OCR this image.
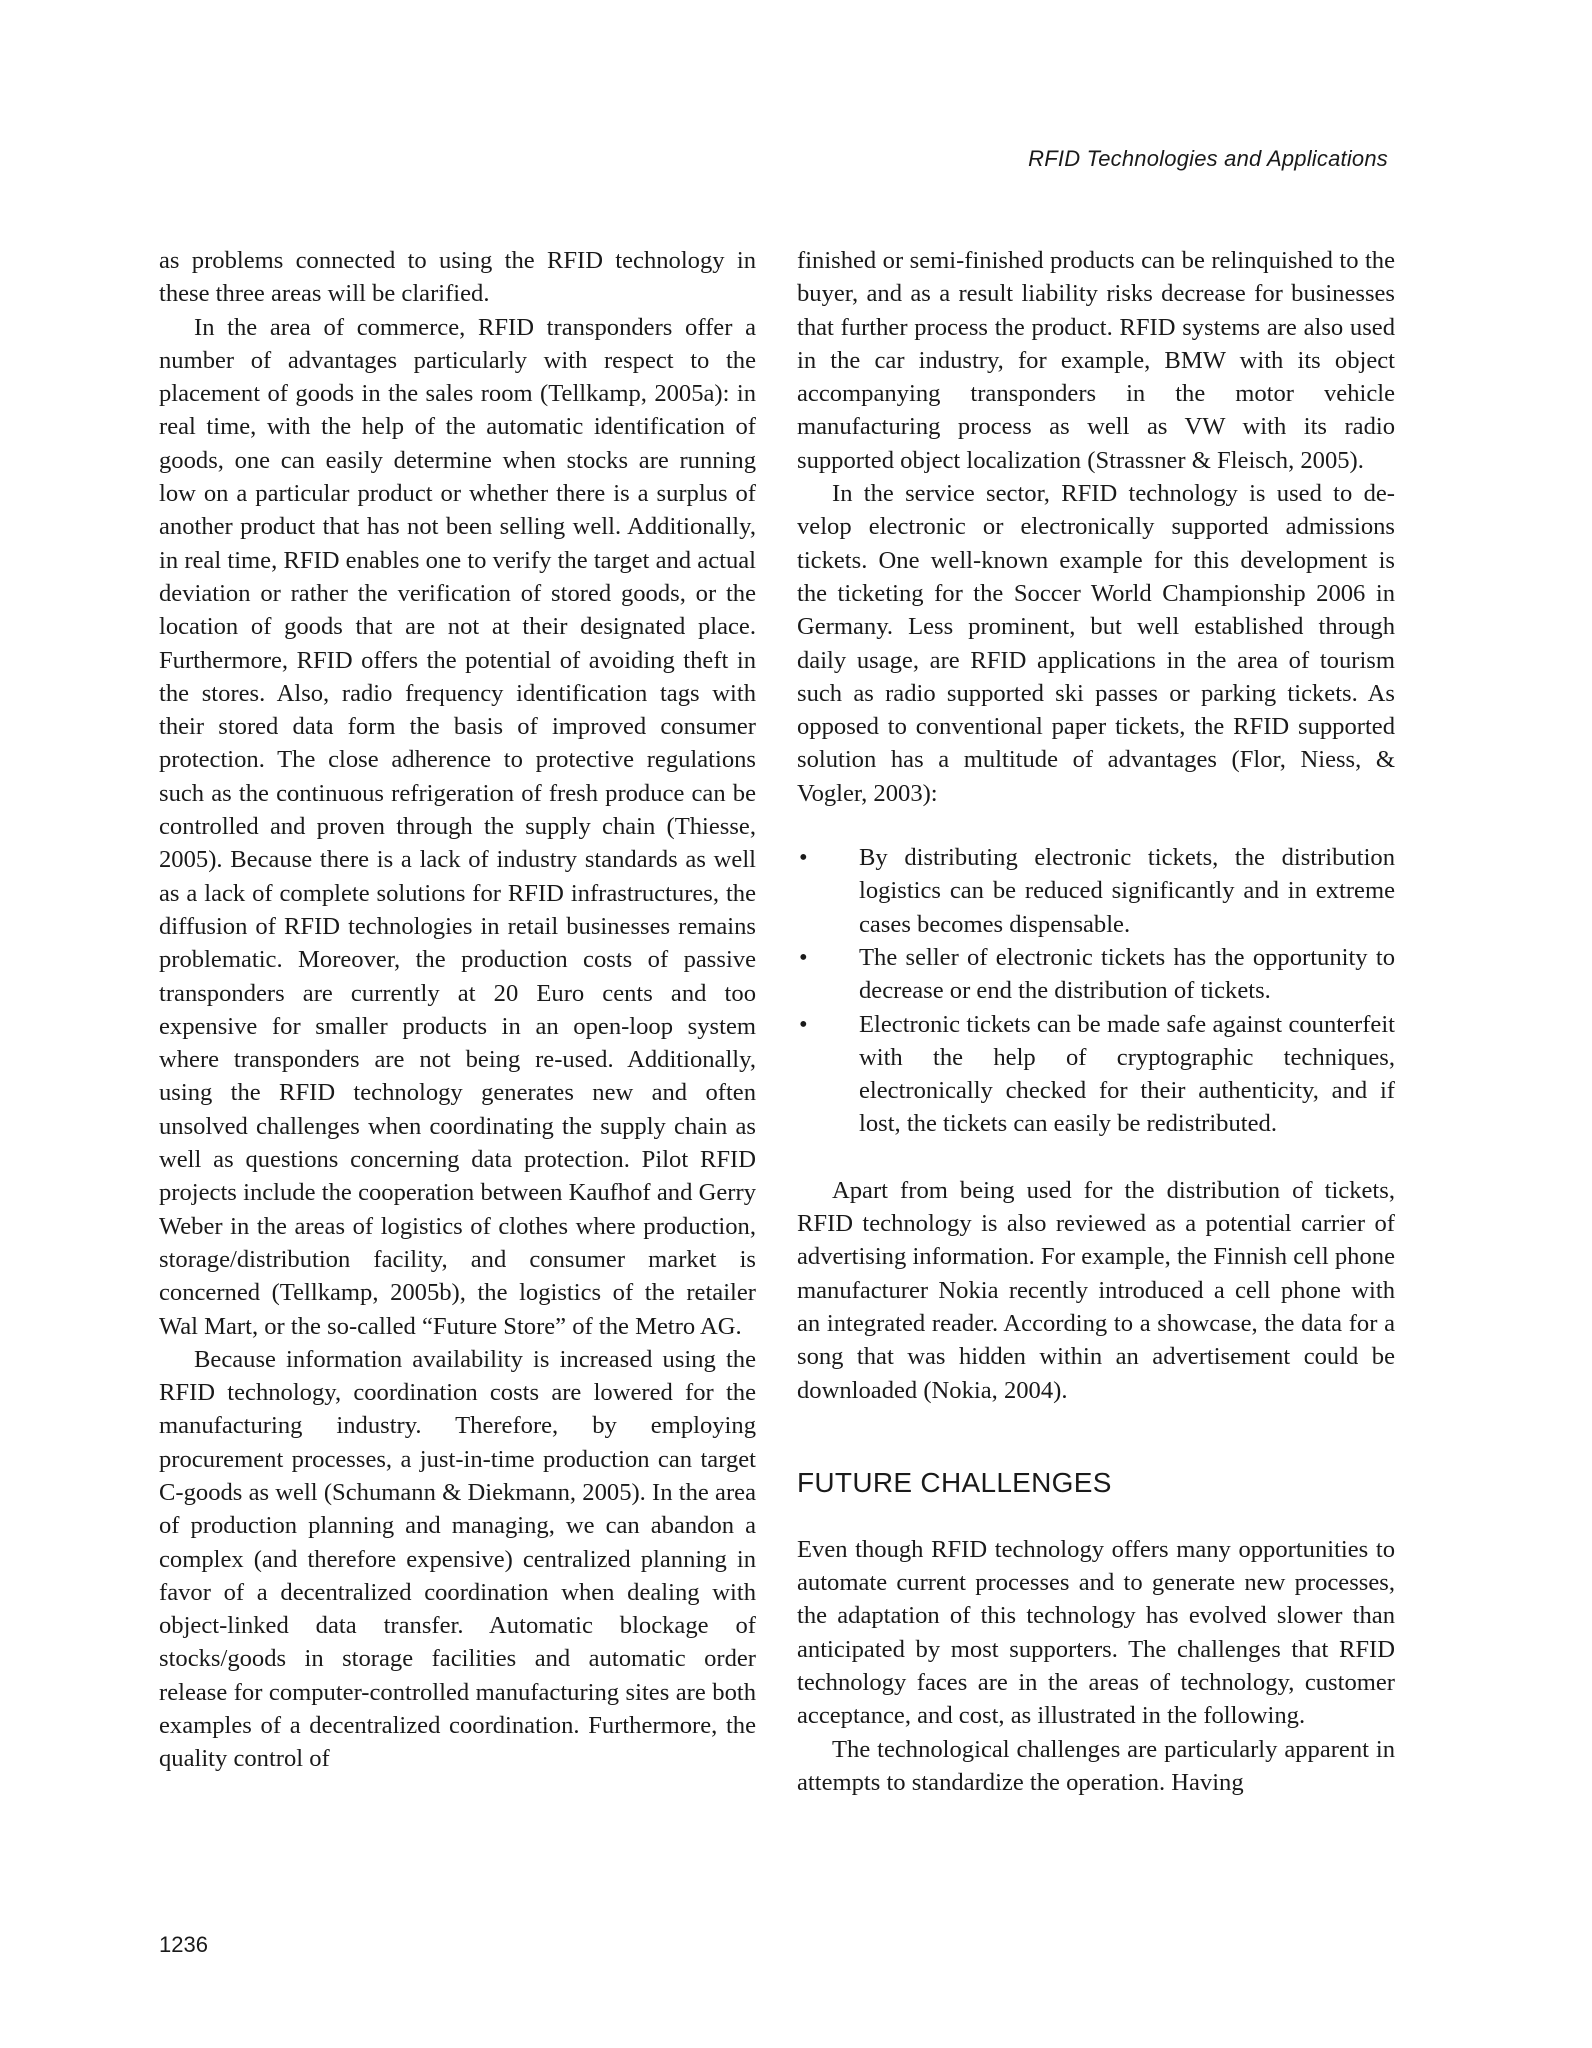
RFID Technologies and Applications

as problems connected to using the RFID technology in these three areas will be clarified.

In the area of commerce, RFID transponders offer a number of advantages particularly with respect to the placement of goods in the sales room (Tellkamp, 2005a): in real time, with the help of the automatic identification of goods, one can easily determine when stocks are running low on a particular product or whether there is a surplus of another product that has not been selling well. Additionally, in real time, RFID enables one to verify the target and actual deviation or rather the verification of stored goods, or the location of goods that are not at their designated place. Furthermore, RFID offers the potential of avoiding theft in the stores. Also, radio frequency identification tags with their stored data form the basis of improved consumer protection. The close adherence to protective regulations such as the continuous refrigeration of fresh produce can be controlled and proven through the supply chain (Thiesse, 2005). Because there is a lack of industry standards as well as a lack of complete solutions for RFID infrastructures, the diffusion of RFID technologies in retail businesses remains problematic. Moreover, the production costs of passive transponders are currently at 20 Euro cents and too expensive for smaller products in an open-loop system where transponders are not being re-used. Additionally, using the RFID technology generates new and often unsolved challenges when coordinating the supply chain as well as questions concerning data protection. Pilot RFID projects include the cooperation between Kaufhof and Gerry Weber in the areas of logistics of clothes where production, storage/distribution facility, and consumer market is concerned (Tellkamp, 2005b), the logistics of the retailer Wal Mart, or the so-called “Future Store” of the Metro AG.

Because information availability is increased using the RFID technology, coordination costs are lowered for the manufacturing industry. Therefore, by employing procurement processes, a just-in-time production can target C-goods as well (Schumann & Diekmann, 2005). In the area of production planning and managing, we can abandon a complex (and therefore expensive) centralized planning in favor of a decentralized coordination when dealing with object-linked data transfer. Automatic blockage of stocks/goods in storage facilities and automatic order release for computer-controlled manufacturing sites are both examples of a decentralized coordination. Furthermore, the quality control of

finished or semi-finished products can be relinquished to the buyer, and as a result liability risks decrease for businesses that further process the product. RFID systems are also used in the car industry, for example, BMW with its object accompanying transponders in the motor vehicle manufacturing process as well as VW with its radio supported object localization (Strassner & Fleisch, 2005).

In the service sector, RFID technology is used to develop electronic or electronically supported admissions tickets. One well-known example for this development is the ticketing for the Soccer World Championship 2006 in Germany. Less prominent, but well established through daily usage, are RFID applications in the area of tourism such as radio supported ski passes or parking tickets. As opposed to conventional paper tickets, the RFID supported solution has a multitude of advantages (Flor, Niess, & Vogler, 2003):

• By distributing electronic tickets, the distribution logistics can be reduced significantly and in extreme cases becomes dispensable.
• The seller of electronic tickets has the opportunity to decrease or end the distribution of tickets.
• Electronic tickets can be made safe against counterfeit with the help of cryptographic techniques, electronically checked for their authenticity, and if lost, the tickets can easily be redistributed.

Apart from being used for the distribution of tickets, RFID technology is also reviewed as a potential carrier of advertising information. For example, the Finnish cell phone manufacturer Nokia recently introduced a cell phone with an integrated reader. According to a showcase, the data for a song that was hidden within an advertisement could be downloaded (Nokia, 2004).

FUTURE CHALLENGES

Even though RFID technology offers many opportunities to automate current processes and to generate new processes, the adaptation of this technology has evolved slower than anticipated by most supporters. The challenges that RFID technology faces are in the areas of technology, customer acceptance, and cost, as illustrated in the following.

The technological challenges are particularly apparent in attempts to standardize the operation. Having

1236
